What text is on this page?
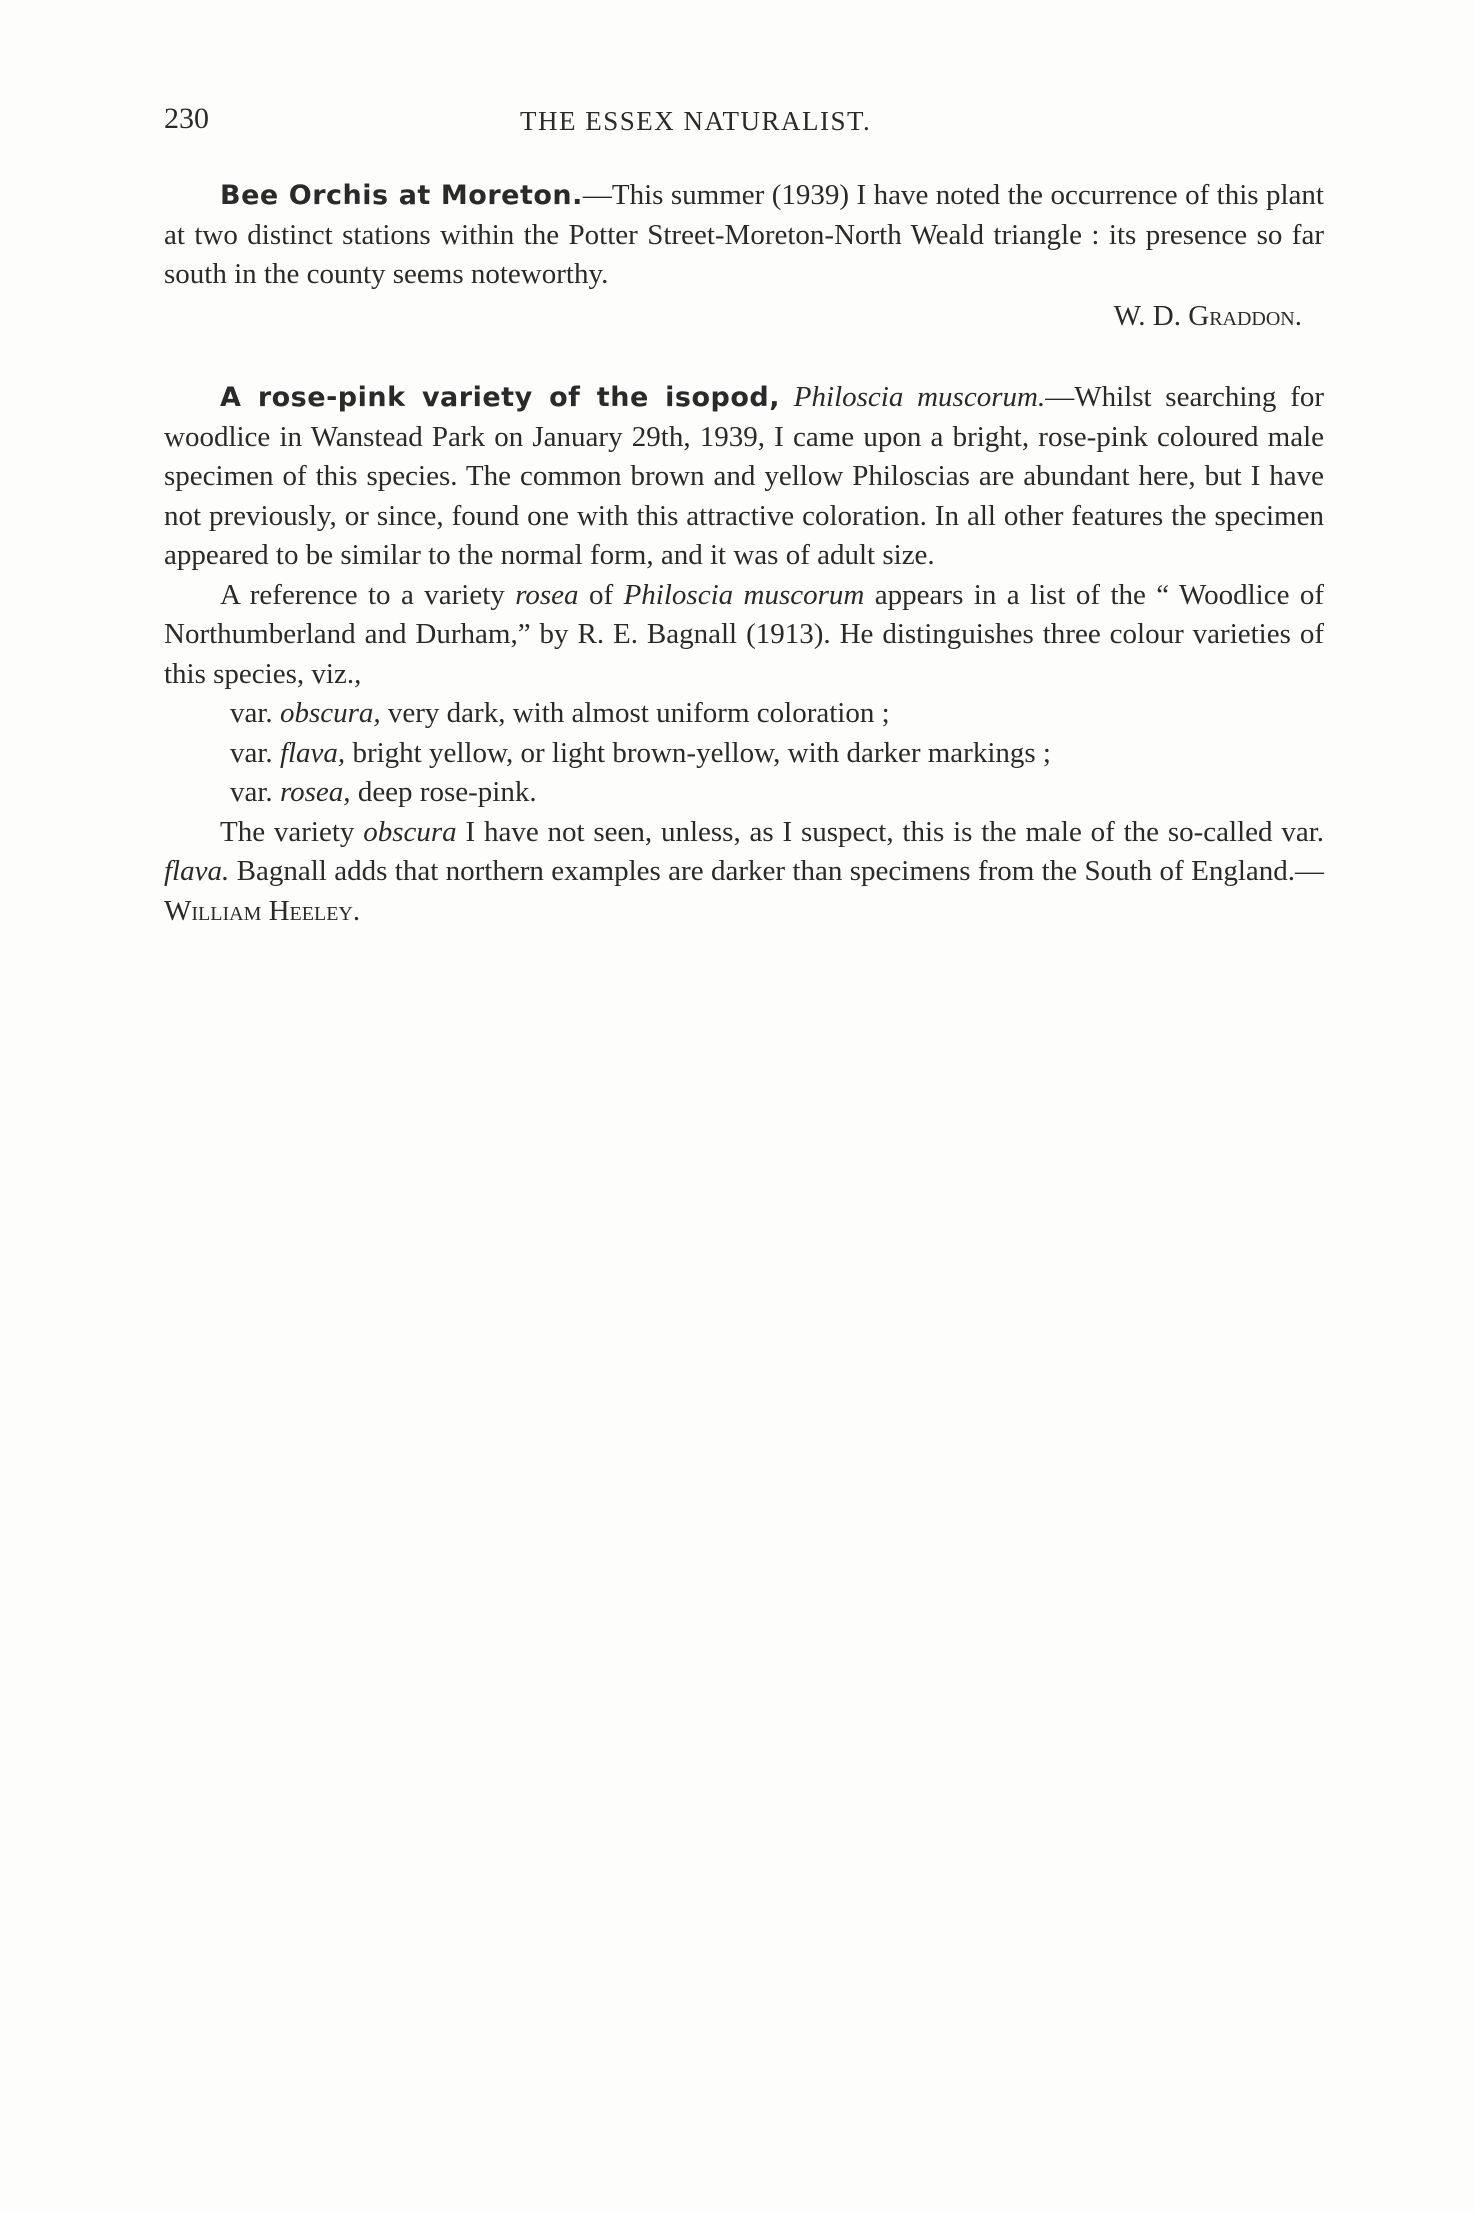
230	THE ESSEX NATURALIST.

Bee Orchis at Moreton.—This summer (1939) I have noted the occurrence of this plant at two distinct stations within the Potter Street-Moreton-North Weald triangle : its presence so far south in the county seems noteworthy.

W. D. Graddon.

A rose-pink variety of the isopod, Philoscia muscorum.—Whilst searching for woodlice in Wanstead Park on January 29th, 1939, I came upon a bright, rose-pink coloured male specimen of this species. The common brown and yellow Philoscias are abundant here, but I have not previously, or since, found one with this attractive coloration. In all other features the specimen appeared to be similar to the normal form, and it was of adult size.

A reference to a variety rosea of Philoscia muscorum appears in a list of the “ Woodlice of Northumberland and Durham,” by R. E. Bagnall (1913). He distinguishes three colour varieties of this species, viz.,

var. obscura, very dark, with almost uniform coloration ;
var. flava, bright yellow, or light brown-yellow, with darker markings ;
var. rosea, deep rose-pink.

The variety obscura I have not seen, unless, as I suspect, this is the male of the so-called var. flava. Bagnall adds that northern examples are darker than specimens from the South of England.—William Heeley.
